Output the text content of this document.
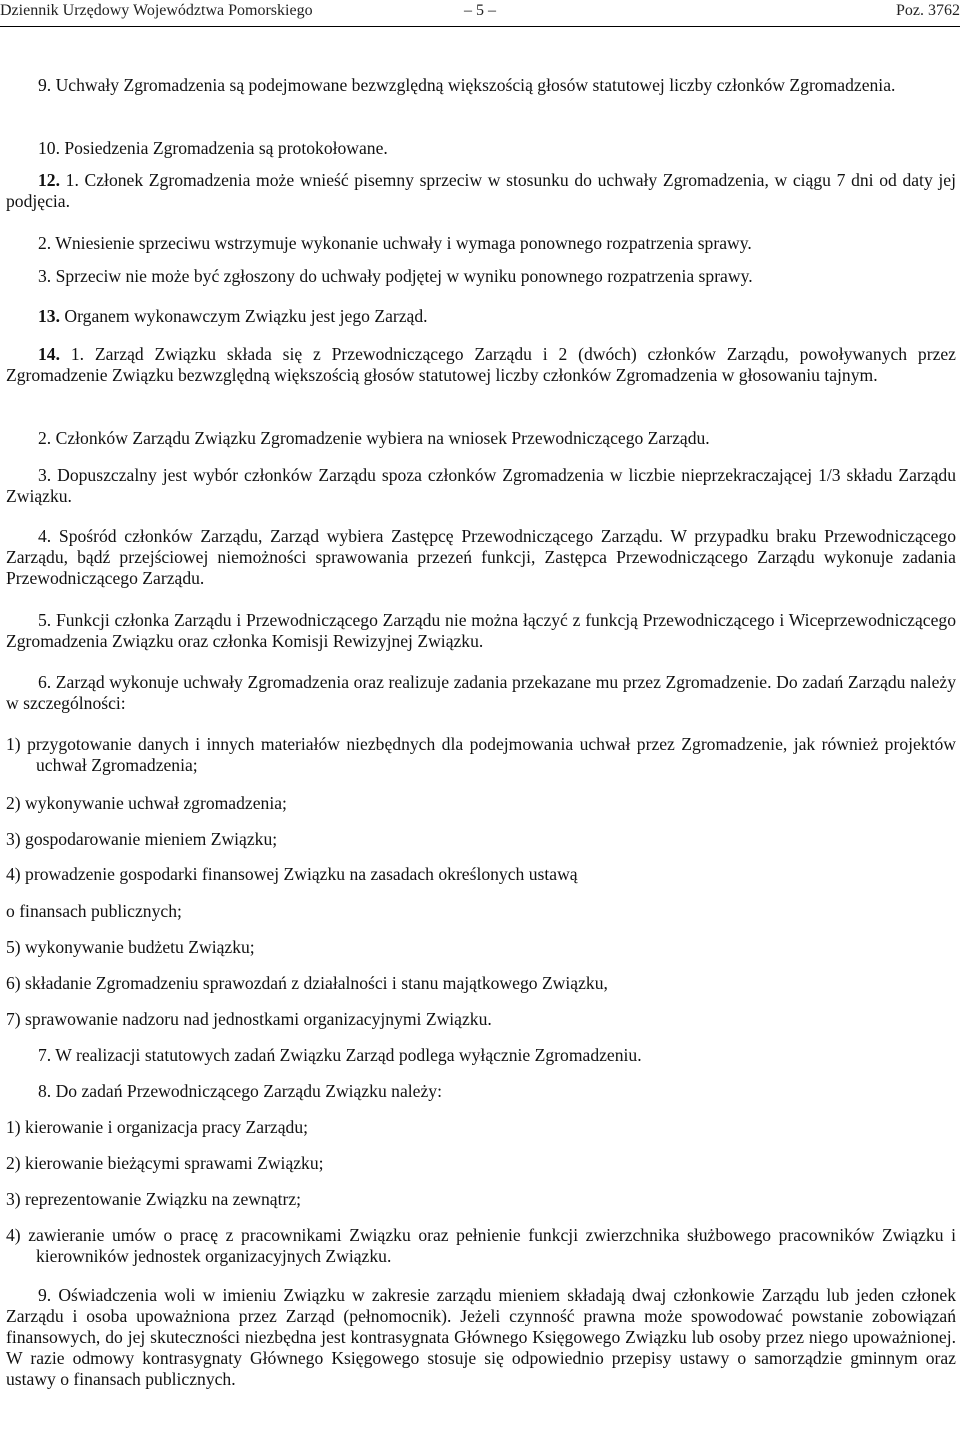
Dziennik Urzędowy Województwa Pomorskiego	– 5 –	Poz. 3762
9. Uchwały Zgromadzenia są podejmowane bezwzględną większością głosów statutowej liczby członków Zgromadzenia.
10. Posiedzenia Zgromadzenia są protokołowane.
12. 1. Członek Zgromadzenia może wnieść pisemny sprzeciw w stosunku do uchwały Zgromadzenia, w ciągu 7 dni od daty jej podjęcia.
2. Wniesienie sprzeciwu wstrzymuje wykonanie uchwały i wymaga ponownego rozpatrzenia sprawy.
3. Sprzeciw nie może być zgłoszony do uchwały podjętej w wyniku ponownego rozpatrzenia sprawy.
13. Organem wykonawczym Związku jest jego Zarząd.
14. 1. Zarząd Związku składa się z Przewodniczącego Zarządu i 2 (dwóch) członków Zarządu, powoływanych przez Zgromadzenie Związku bezwzględną większością głosów statutowej liczby członków Zgromadzenia w głosowaniu tajnym.
2. Członków Zarządu Związku Zgromadzenie wybiera na wniosek Przewodniczącego Zarządu.
3. Dopuszczalny jest wybór członków Zarządu spoza członków Zgromadzenia w liczbie nieprzekraczającej 1/3 składu Zarządu Związku.
4. Spośród członków Zarządu, Zarząd wybiera Zastępcę Przewodniczącego Zarządu. W przypadku braku Przewodniczącego Zarządu, bądź przejściowej niemożności sprawowania przezeń funkcji, Zastępca Przewodniczącego Zarządu wykonuje zadania Przewodniczącego Zarządu.
5. Funkcji członka Zarządu i Przewodniczącego Zarządu nie można łączyć z funkcją Przewodniczącego i Wiceprzewodniczącego Zgromadzenia Związku oraz członka Komisji Rewizyjnej Związku.
6. Zarząd wykonuje uchwały Zgromadzenia oraz realizuje zadania przekazane mu przez Zgromadzenie. Do zadań Zarządu należy w szczególności:
1) przygotowanie danych i innych materiałów niezbędnych dla podejmowania uchwał przez Zgromadzenie, jak również projektów uchwał Zgromadzenia;
2) wykonywanie uchwał zgromadzenia;
3) gospodarowanie mieniem Związku;
4) prowadzenie gospodarki finansowej Związku na zasadach określonych ustawą
o finansach publicznych;
5) wykonywanie budżetu Związku;
6) składanie Zgromadzeniu sprawozdań z działalności i stanu majątkowego Związku,
7) sprawowanie nadzoru nad jednostkami organizacyjnymi Związku.
7. W realizacji statutowych zadań Związku Zarząd podlega wyłącznie Zgromadzeniu.
8. Do zadań Przewodniczącego Zarządu Związku należy:
1) kierowanie i organizacja pracy Zarządu;
2) kierowanie bieżącymi sprawami Związku;
3) reprezentowanie Związku na zewnątrz;
4) zawieranie umów o pracę z pracownikami Związku oraz pełnienie funkcji zwierzchnika służbowego pracowników Związku i kierowników jednostek organizacyjnych Związku.
9. Oświadczenia woli w imieniu Związku w zakresie zarządu mieniem składają dwaj członkowie Zarządu lub jeden członek Zarządu i osoba upoważniona przez Zarząd (pełnomocnik). Jeżeli czynność prawna może spowodować powstanie zobowiązań finansowych, do jej skuteczności niezbędna jest kontrasygnata Głównego Księgowego Związku lub osoby przez niego upoważnionej. W razie odmowy kontrasygnaty Głównego Księgowego stosuje się odpowiednio przepisy ustawy o samorządzie gminnym oraz ustawy o finansach publicznych.
